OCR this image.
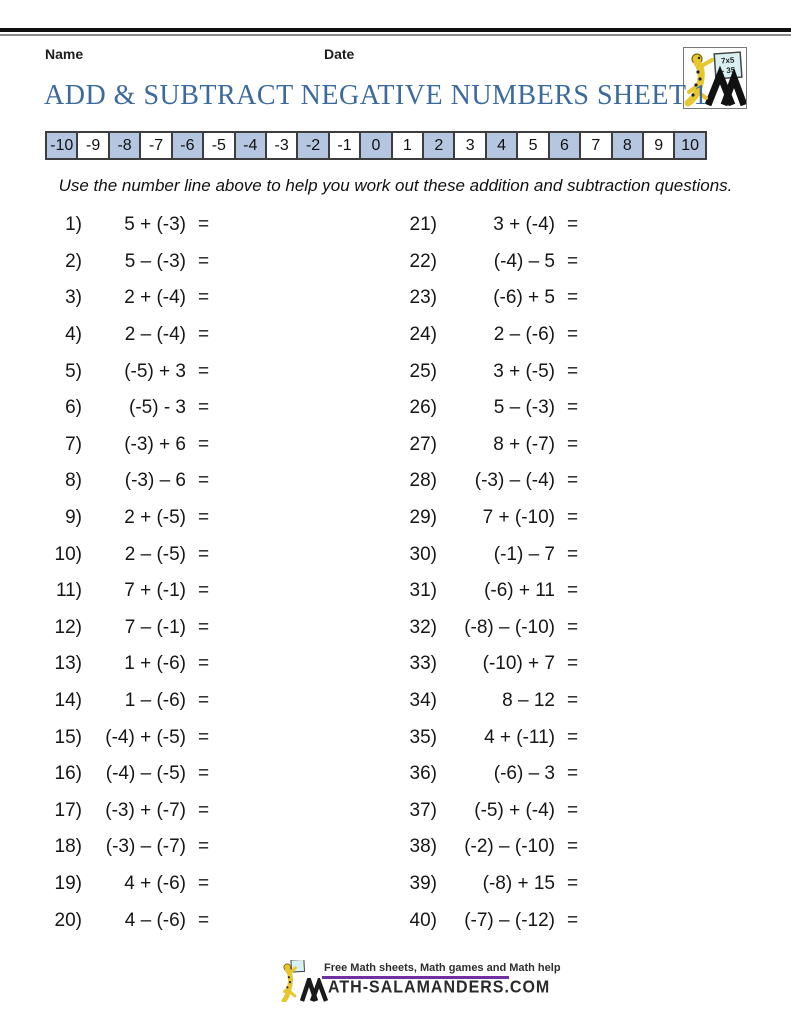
Name	Date	7x5
- 35
ADD & SUBTRACT NEGATIVE NUMBERS SHEET 1
-10 -9	-8	-7	-6	-5	-4	-3	-2	-1	0	1	2	3	4	5	6	7	8	9	10
Use the number line above to help you work out these addition and subtraction questions.
1)	5 + (-3) =
2)	5 – (-3) =
3)	2 + (-4) =
4)	2 – (-4) =
5)	(-5) + 3 =
6)	(-5) - 3 =
7)	(-3) + 6 =
8)	(-3) – 6 =
9)	2 + (-5) =
10)	2 – (-5) =
11)	7 + (-1) =
12)	7 – (-1) =
13)	1 + (-6) =
14)	1 – (-6) =
15)	(-4) + (-5) =
16)	(-4) – (-5) =
17)	(-3) + (-7) =
18)	(-3) – (-7) =
19)	4 + (-6) =
20)	4 – (-6) =
21)	3 + (-4) =
22)	(-4) – 5 =
23)	(-6) + 5 =
24)	2 – (-6) =
25)	3 + (-5) =
26)	5 – (-3) =
27)	8 + (-7) =
28)	(-3) – (-4) =
29)	7 + (-10) =
30)	(-1) – 7 =
31)	(-6) + 11 =
32)	(-8) – (-10) =
33)	(-10) + 7 =
34)	8 – 12 =
35)	4 + (-11) =
36)	(-6) – 3 =
37)	(-5) + (-4) =
38)	(-2) – (-10) =
39)	(-8) + 15 =
40)	(-7) – (-12) =
Free Math sheets, Math games and Math help
ATH-SALAMANDERS.COM
